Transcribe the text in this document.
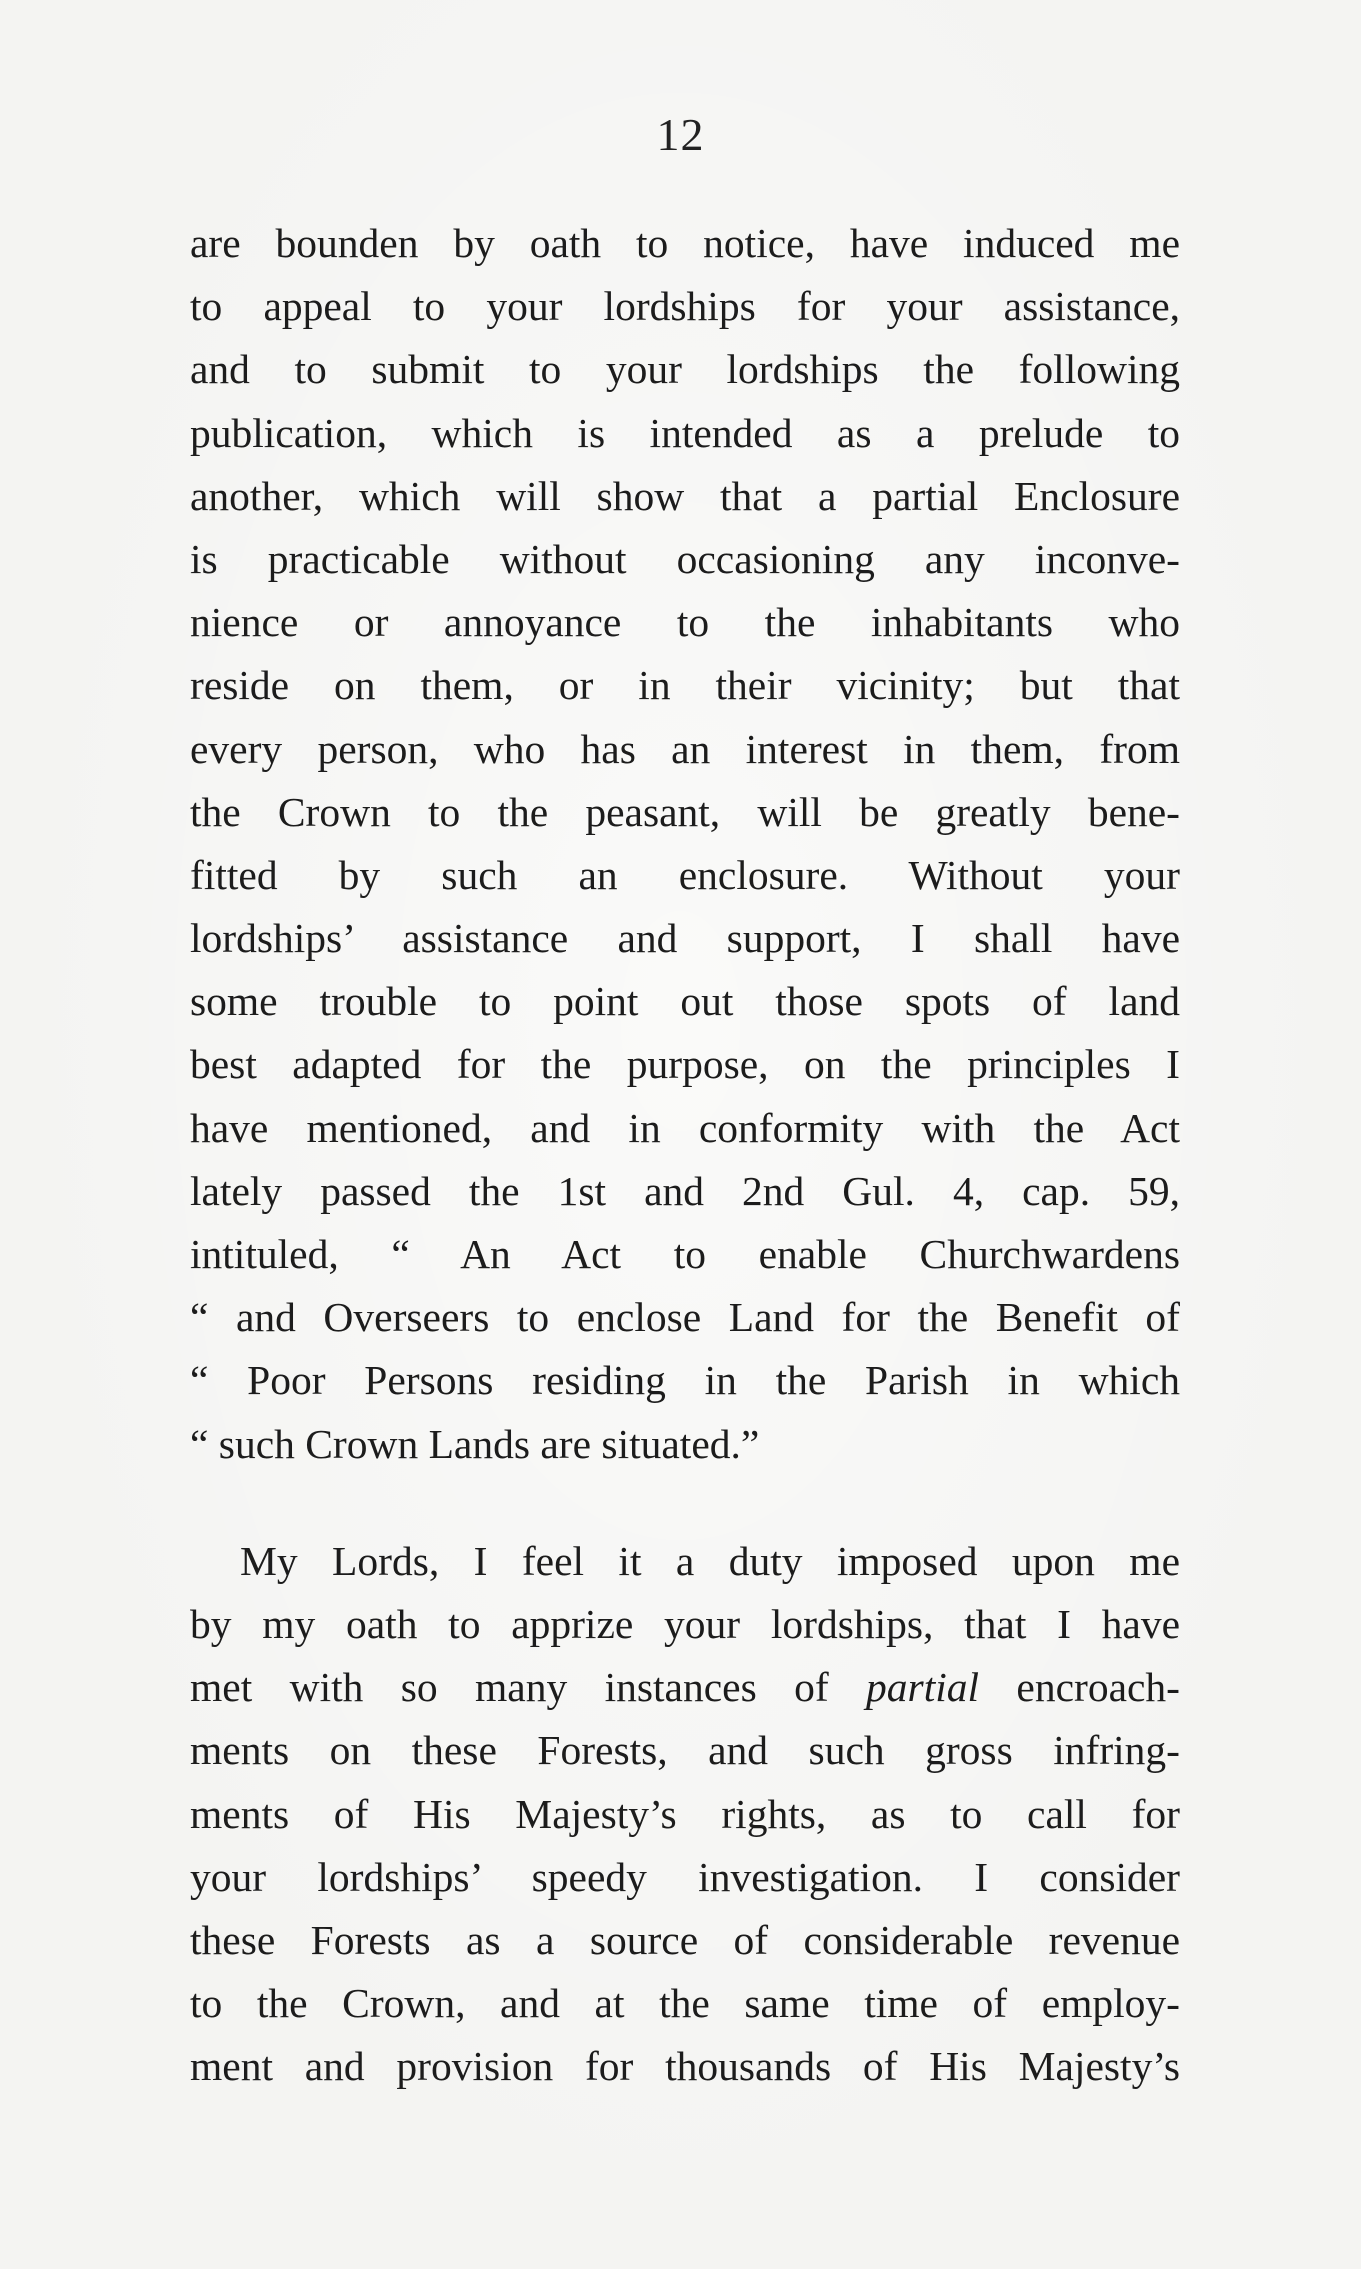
12
are bounden by oath to notice, have induced me
to appeal to your lordships for your assistance,
and to submit to your lordships the following
publication, which is intended as a prelude to
another, which will show that a partial Enclosure
is practicable without occasioning any inconve-
nience or annoyance to the inhabitants who
reside on them, or in their vicinity; but that
every person, who has an interest in them, from
the Crown to the peasant, will be greatly bene-
fitted by such an enclosure. Without your
lordships’ assistance and support, I shall have
some trouble to point out those spots of land
best adapted for the purpose, on the principles I
have mentioned, and in conformity with the Act
lately passed the 1st and 2nd Gul. 4, cap. 59,
intituled, “ An Act to enable Churchwardens
“ and Overseers to enclose Land for the Benefit of
“ Poor Persons residing in the Parish in which
“ such Crown Lands are situated.”
My Lords, I feel it a duty imposed upon me
by my oath to apprize your lordships, that I have
met with so many instances of partial encroach-
ments on these Forests, and such gross infring-
ments of His Majesty’s rights, as to call for
your lordships’ speedy investigation. I consider
these Forests as a source of considerable revenue
to the Crown, and at the same time of employ-
ment and provision for thousands of His Majesty’s
